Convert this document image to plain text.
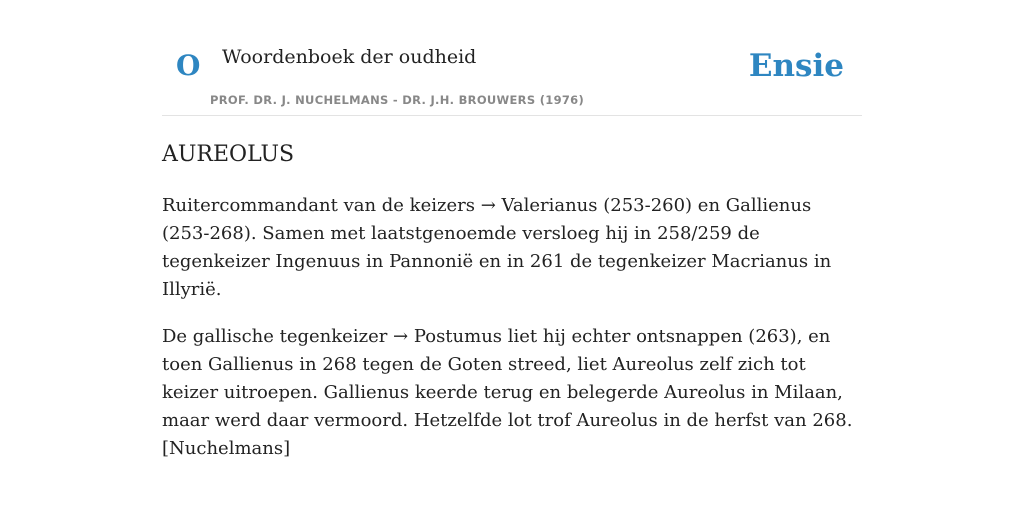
O Woordenboek der oudheid
PROF. DR. J. NUCHELMANS - DR. J.H. BROUWERS (1976)
Ensie
AUREOLUS

Ruitercommandant van de keizers → Valerianus (253-260) en Gallienus (253-268). Samen met laatstgenoemde versloeg hij in 258/259 de tegenkeizer Ingenuus in Pannonië en in 261 de tegenkeizer Macrianus in Illyrië.

De gallische tegenkeizer → Postumus liet hij echter ontsnappen (263), en toen Gallienus in 268 tegen de Goten streed, liet Aureolus zelf zich tot keizer uitroepen. Gallienus keerde terug en belegerde Aureolus in Milaan, maar werd daar vermoord. Hetzelfde lot trof Aureolus in de herfst van 268. [Nuchelmans]
